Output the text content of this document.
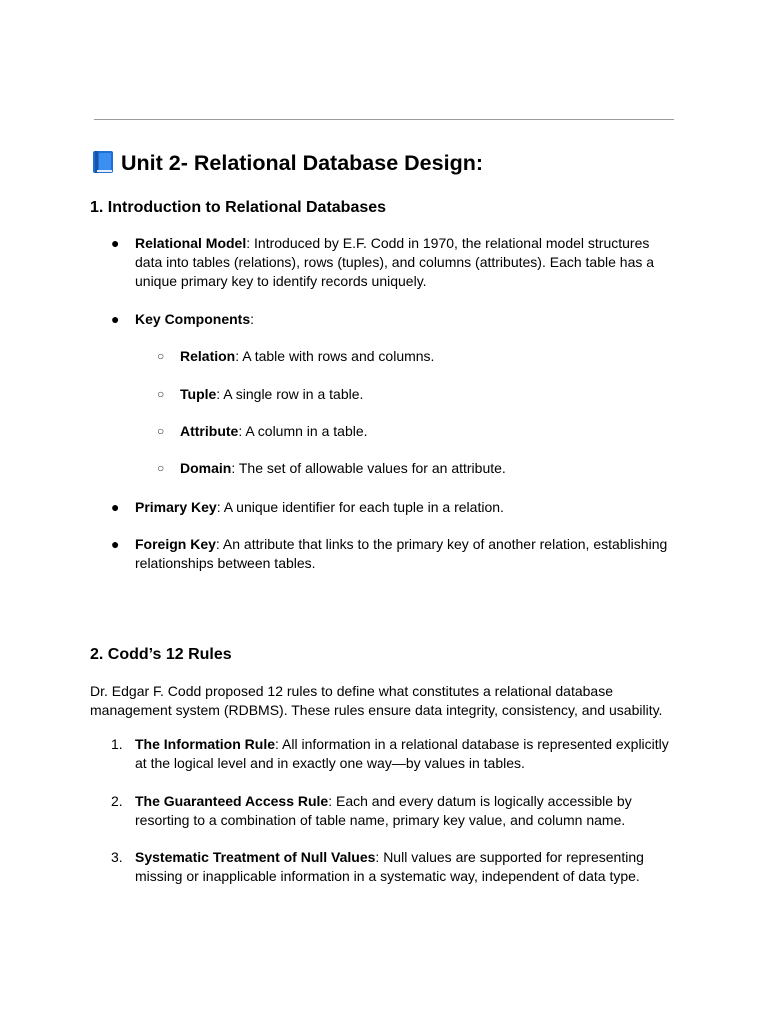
Unit 2- Relational Database Design:
1. Introduction to Relational Databases
● Relational Model: Introduced by E.F. Codd in 1970, the relational model structures data into tables (relations), rows (tuples), and columns (attributes). Each table has a unique primary key to identify records uniquely.
● Key Components:
○ Relation: A table with rows and columns.
○ Tuple: A single row in a table.
○ Attribute: A column in a table.
○ Domain: The set of allowable values for an attribute.
● Primary Key: A unique identifier for each tuple in a relation.
● Foreign Key: An attribute that links to the primary key of another relation, establishing relationships between tables.
2. Codd’s 12 Rules

Dr. Edgar F. Codd proposed 12 rules to define what constitutes a relational database management system (RDBMS). These rules ensure data integrity, consistency, and usability.

1. The Information Rule: All information in a relational database is represented explicitly at the logical level and in exactly one way—by values in tables.
2. The Guaranteed Access Rule: Each and every datum is logically accessible by resorting to a combination of table name, primary key value, and column name.
3. Systematic Treatment of Null Values: Null values are supported for representing missing or inapplicable information in a systematic way, independent of data type.
